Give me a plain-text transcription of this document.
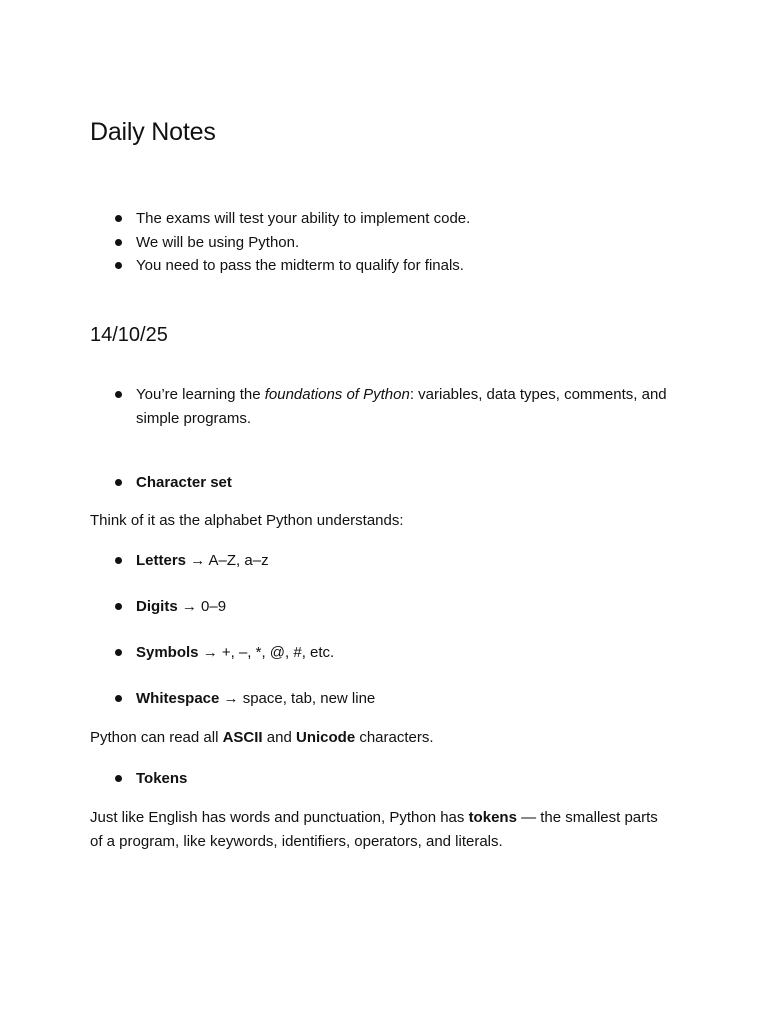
Daily Notes
The exams will test your ability to implement code.
We will be using Python.
You need to pass the midterm to qualify for finals.
14/10/25
You’re learning the foundations of Python: variables, data types, comments, and simple programs.
Character set

Think of it as the alphabet Python understands:

Letters → A–Z, a–z
Digits → 0–9
Symbols → +, –, *, @, #, etc.
Whitespace → space, tab, new line

Python can read all ASCII and Unicode characters.

Tokens

Just like English has words and punctuation, Python has tokens — the smallest parts of a program, like keywords, identifiers, operators, and literals.
